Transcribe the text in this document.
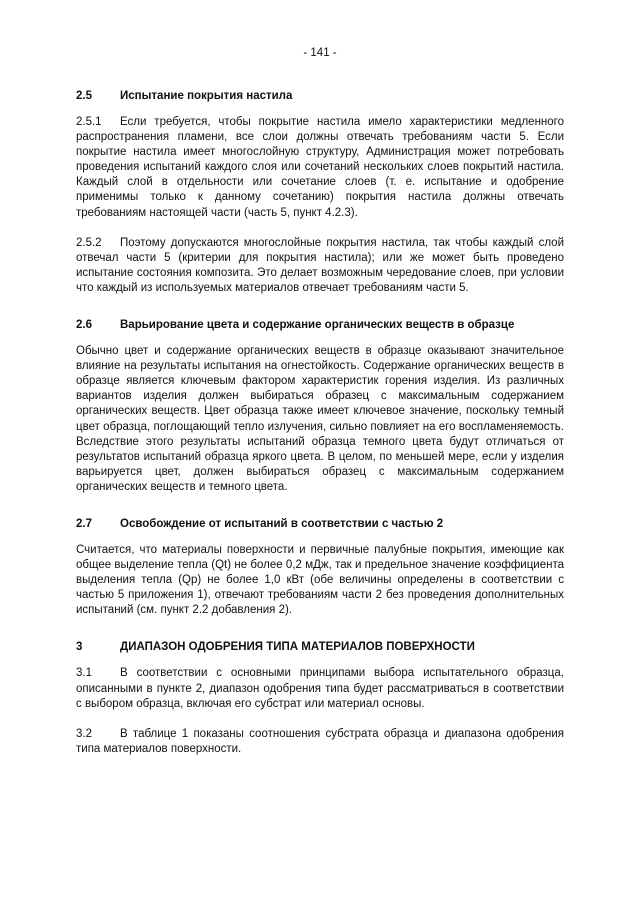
- 141 -
2.5	Испытание покрытия настила

2.5.1 Если требуется, чтобы покрытие настила имело характеристики медленного распространения пламени, все слои должны отвечать требованиям части 5. Если покрытие настила имеет многослойную структуру, Администрация может потребовать проведения испытаний каждого слоя или сочетаний нескольких слоев покрытий настила. Каждый слой в отдельности или сочетание слоев (т. е. испытание и одобрение применимы только к данному сочетанию) покрытия настила должны отвечать требованиям настоящей части (часть 5, пункт 4.2.3).

2.5.2 Поэтому допускаются многослойные покрытия настила, так чтобы каждый слой отвечал части 5 (критерии для покрытия настила); или же может быть проведено испытание состояния композита. Это делает возможным чередование слоев, при условии что каждый из используемых материалов отвечает требованиям части 5.

2.6	Варьирование цвета и содержание органических веществ в образце

Обычно цвет и содержание органических веществ в образце оказывают значительное влияние на результаты испытания на огнестойкость. Содержание органических веществ в образце является ключевым фактором характеристик горения изделия. Из различных вариантов изделия должен выбираться образец с максимальным содержанием органических веществ. Цвет образца также имеет ключевое значение, поскольку темный цвет образца, поглощающий тепло излучения, сильно повлияет на его воспламеняемость. Вследствие этого результаты испытаний образца темного цвета будут отличаться от результатов испытаний образца яркого цвета. В целом, по меньшей мере, если у изделия варьируется цвет, должен выбираться образец с максимальным содержанием органических веществ и темного цвета.

2.7	Освобождение от испытаний в соответствии с частью 2

Считается, что материалы поверхности и первичные палубные покрытия, имеющие как общее выделение тепла (Qt) не более 0,2 мДж, так и предельное значение коэффициента выделения тепла (Qp) не более 1,0 кВт (обе величины определены в соответствии с частью 5 приложения 1), отвечают требованиям части 2 без проведения дополнительных испытаний (см. пункт 2.2 добавления 2).

3	ДИАПАЗОН ОДОБРЕНИЯ ТИПА МАТЕРИАЛОВ ПОВЕРХНОСТИ

3.1 В соответствии с основными принципами выбора испытательного образца, описанными в пункте 2, диапазон одобрения типа будет рассматриваться в соответствии с выбором образца, включая его субстрат или материал основы.

3.2 В таблице 1 показаны соотношения субстрата образца и диапазона одобрения типа материалов поверхности.
